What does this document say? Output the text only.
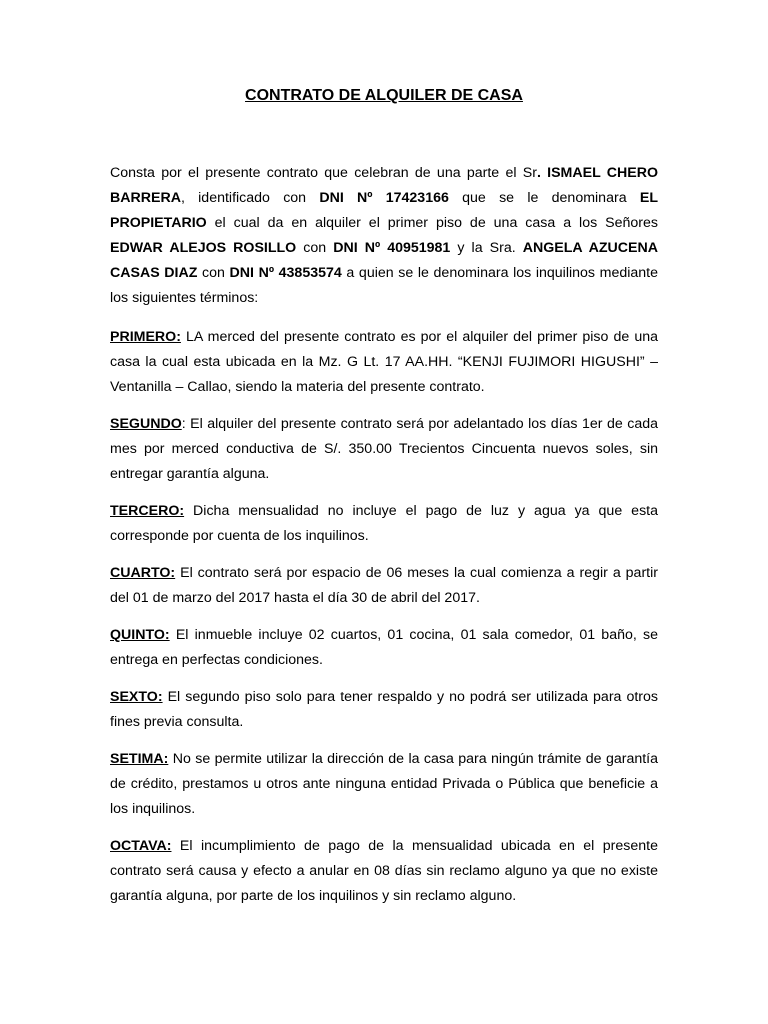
CONTRATO DE ALQUILER DE CASA

Consta por el presente contrato que celebran de una parte el Sr. ISMAEL CHERO BARRERA, identificado con DNI Nº 17423166 que se le denominara EL PROPIETARIO el cual da en alquiler el primer piso de una casa a los Señores EDWAR ALEJOS ROSILLO con DNI Nº 40951981 y la Sra. ANGELA AZUCENA CASAS DIAZ con DNI Nº 43853574 a quien se le denominara los inquilinos mediante los siguientes términos:

PRIMERO: LA merced del presente contrato es por el alquiler del primer piso de una casa la cual esta ubicada en la Mz. G Lt. 17 AA.HH. “KENJI FUJIMORI HIGUSHI” – Ventanilla – Callao, siendo la materia del presente contrato.

SEGUNDO: El alquiler del presente contrato será por adelantado los días 1er de cada mes por merced conductiva de S/. 350.00 Trecientos Cincuenta nuevos soles, sin entregar garantía alguna.

TERCERO: Dicha mensualidad no incluye el pago de luz y agua ya que esta corresponde por cuenta de los inquilinos.

CUARTO: El contrato será por espacio de 06 meses la cual comienza a regir a partir del 01 de marzo del 2017 hasta el día 30 de abril del 2017.

QUINTO: El inmueble incluye 02 cuartos, 01 cocina, 01 sala comedor, 01 baño, se entrega en perfectas condiciones.

SEXTO: El segundo piso solo para tener respaldo y no podrá ser utilizada para otros fines previa consulta.

SETIMA: No se permite utilizar la dirección de la casa para ningún trámite de garantía de crédito, prestamos u otros ante ninguna entidad Privada o Pública que beneficie a los inquilinos.

OCTAVA: El incumplimiento de pago de la mensualidad ubicada en el presente contrato será causa y efecto a anular en 08 días sin reclamo alguno ya que no existe garantía alguna, por parte de los inquilinos y sin reclamo alguno.
